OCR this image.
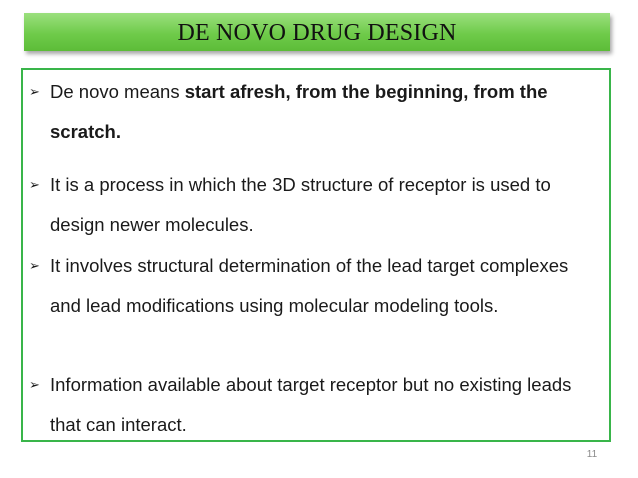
DE NOVO DRUG DESIGN
➢ De novo means start afresh, from the beginning, from the scratch.
➢ It is a process in which the 3D structure of receptor is used to design newer molecules.
➢ It involves structural determination of the lead target complexes and lead modifications using molecular modeling tools.
➢ Information available about target receptor but no existing leads that can interact.
11
